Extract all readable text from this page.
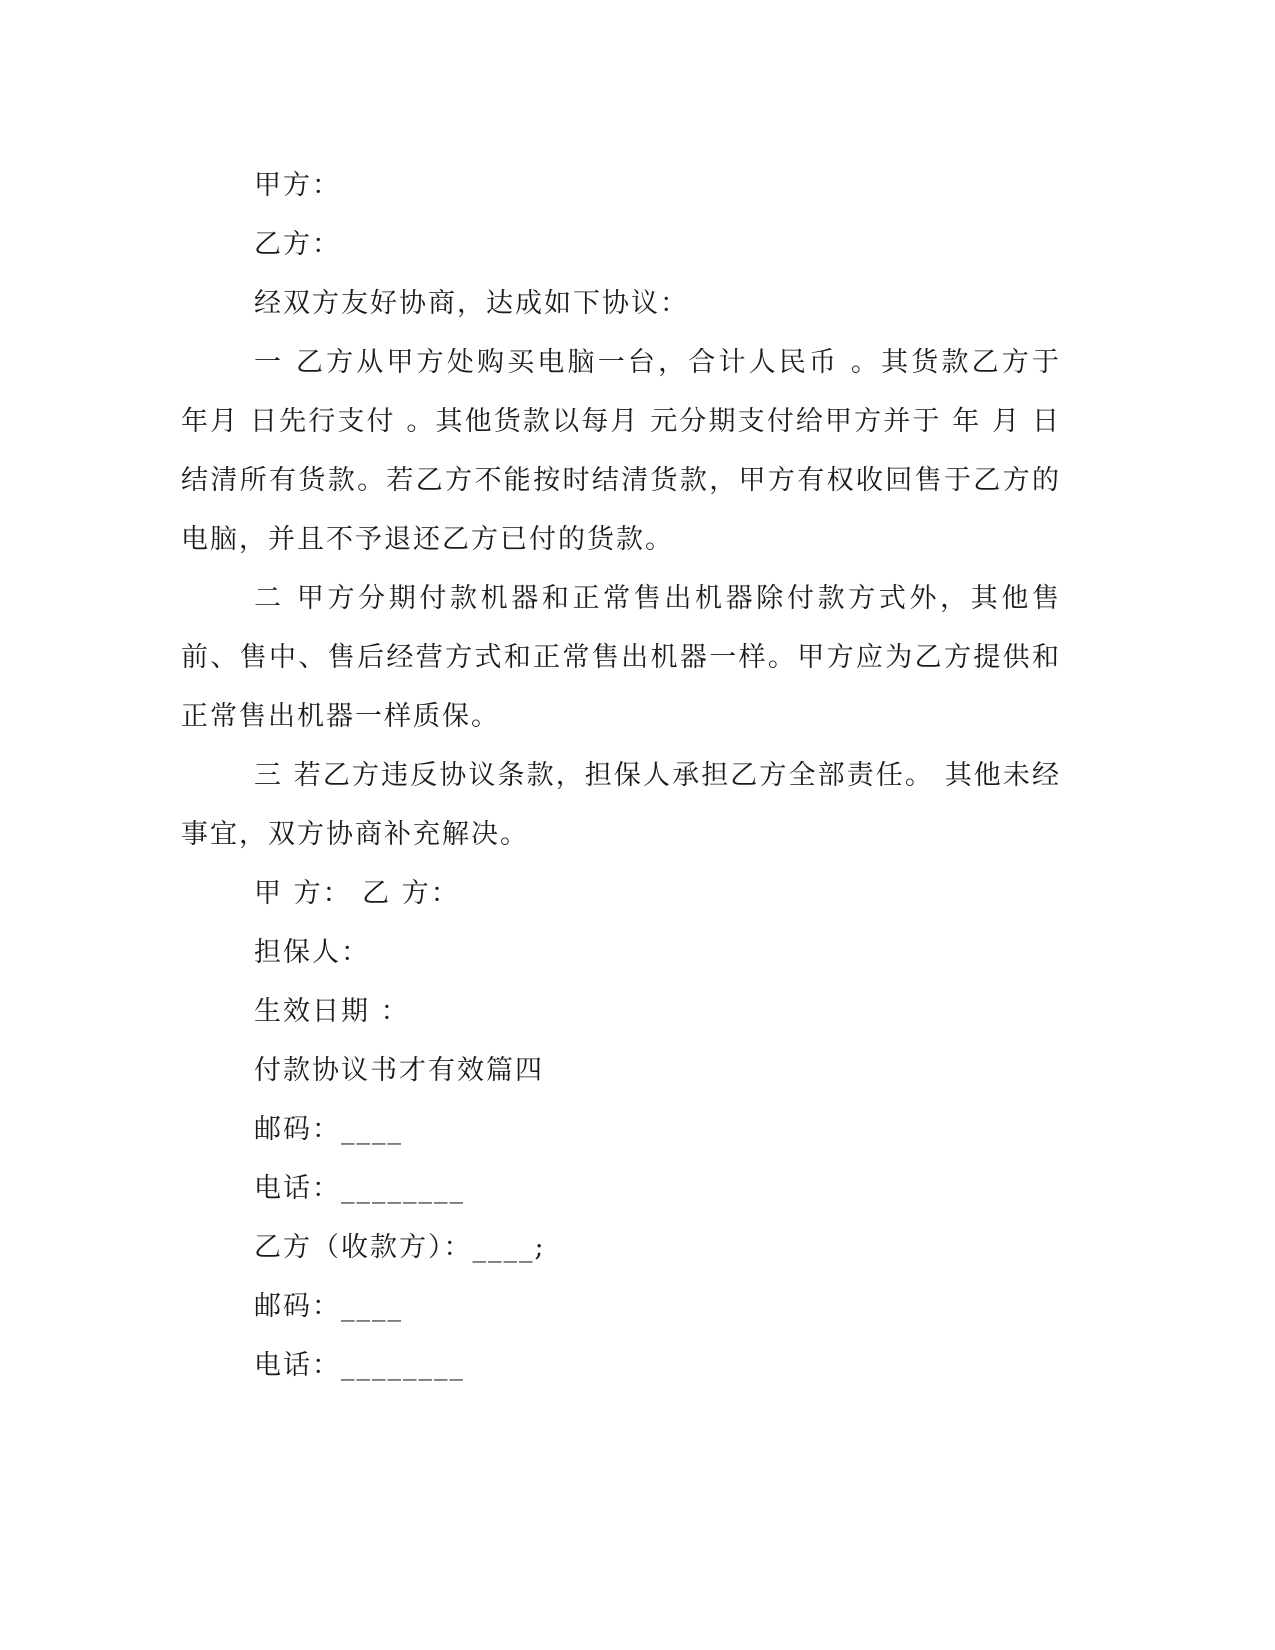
甲方：
乙方：
经双方友好协商，达成如下协议：

一 乙方从甲方处购买电脑一台，合计人民币 。其货款乙方于 年月 日先行支付 。其他货款以每月 元分期支付给甲方并于 年 月 日 结清所有货款。若乙方不能按时结清货款，甲方有权收回售于乙方的电脑，并且不予退还乙方已付的货款。

二 甲方分期付款机器和正常售出机器除付款方式外，其他售前、售中、售后经营方式和正常售出机器一样。甲方应为乙方提供和正常售出机器一样质保。

三 若乙方违反协议条款，担保人承担乙方全部责任。 其他未经事宜，双方协商补充解决。

甲 方： 乙 方：
担保人：
生效日期 ：
付款协议书才有效篇四
邮码：____
电话：________
乙方（收款方）：____;
邮码：____
电话：________
